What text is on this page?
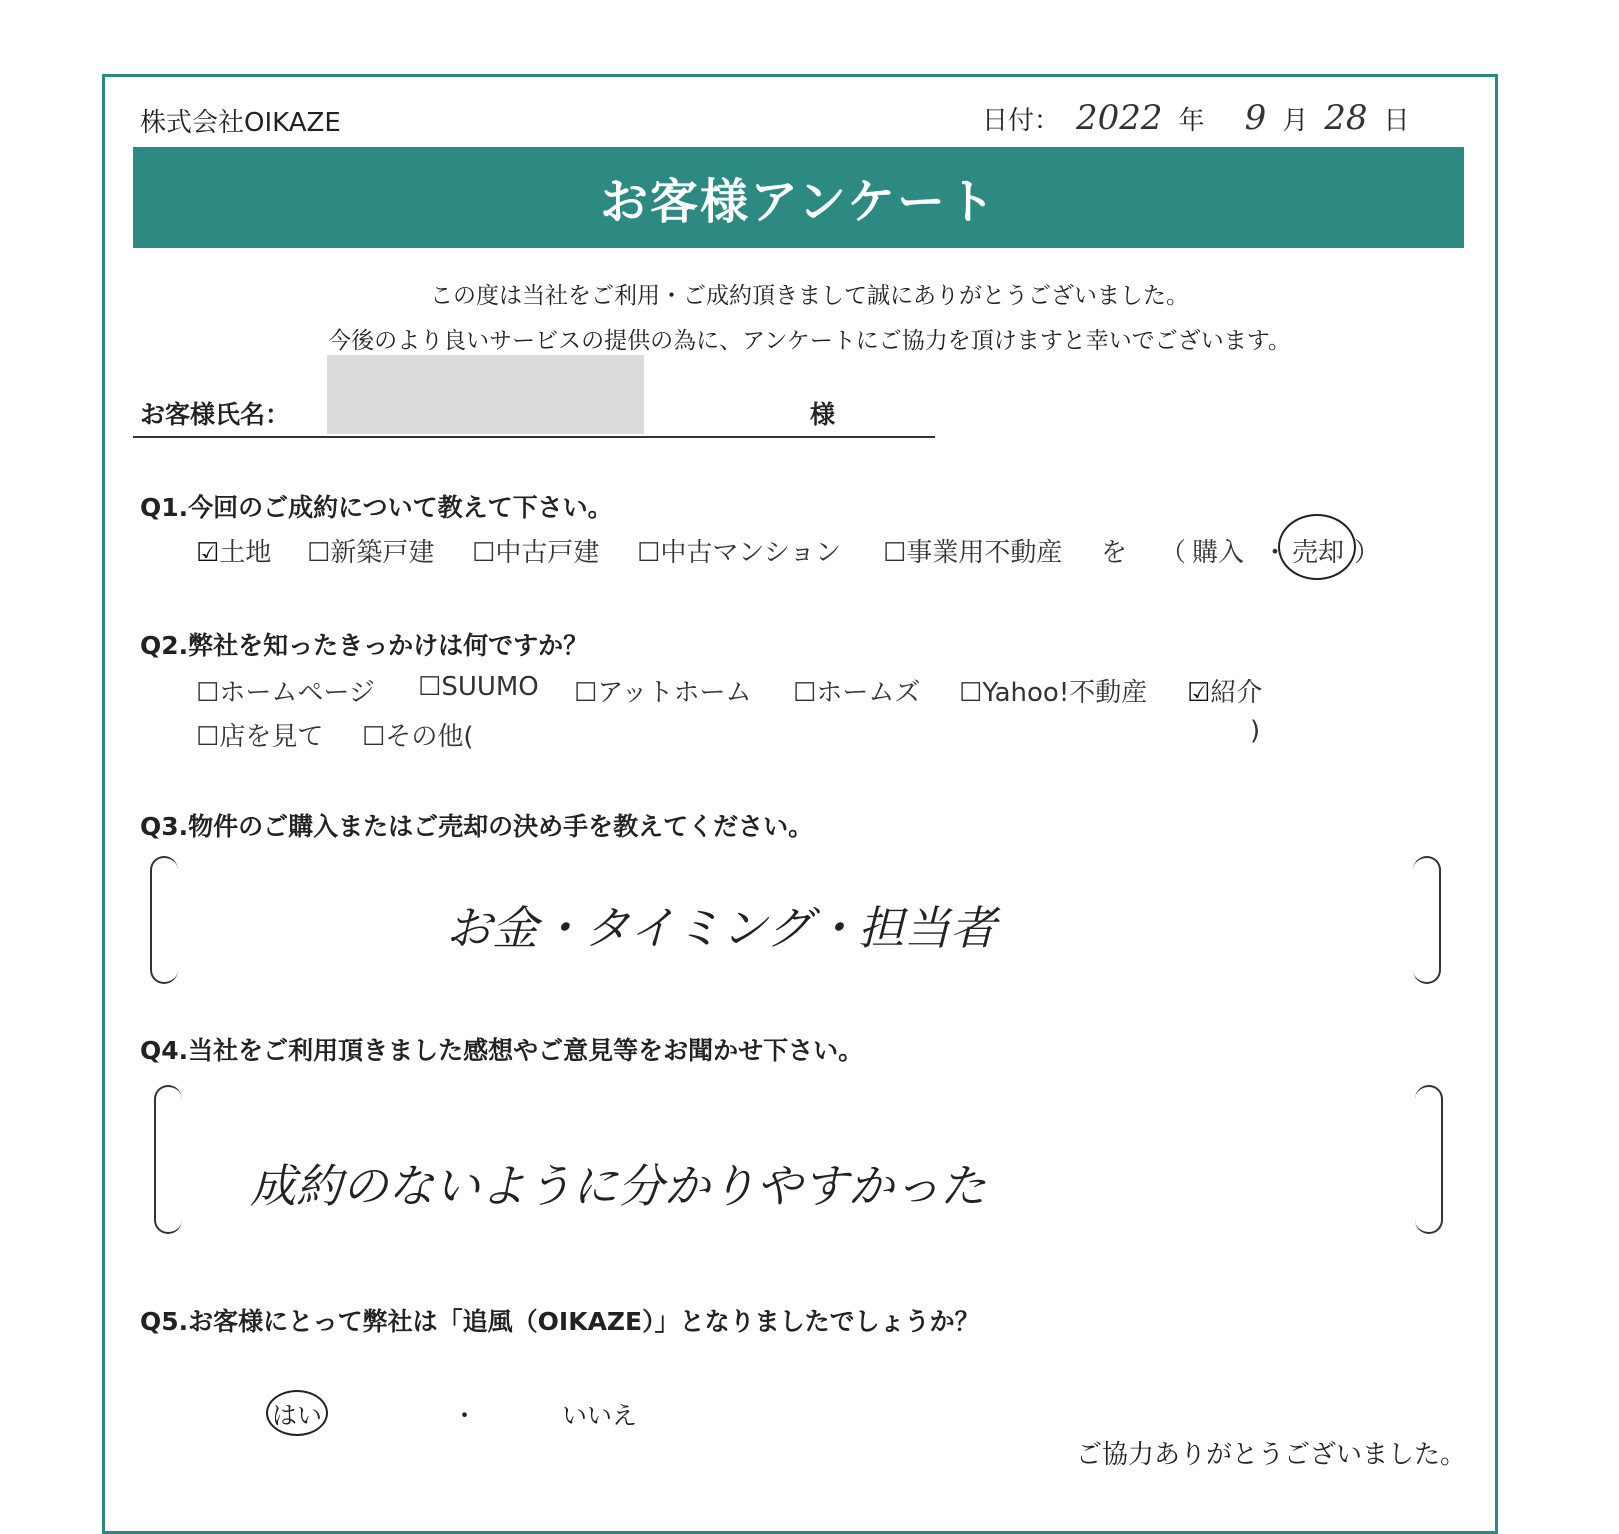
株式会社OIKAZE	日付： 2022 年 9 月 28 日
お客様アンケート
この度は当社をご利用・ご成約頂きまして誠にありがとうございました。
今後のより良いサービスの提供の為に、アンケートにご協力を頂けますと幸いでございます。
お客様氏名：	様
Q1.今回のご成約について教えて下さい。
☑土地 ☐新築戸建 ☐中古戸建 ☐中古マンション ☐事業用不動産 を （ 購入 ・ 売却 ）
Q2.弊社を知ったきっかけは何ですか？
☐ホームページ ☐SUUMO ☐アットホーム ☐ホームズ ☐Yahoo!不動産 ☑紹介
☐店を見て ☐その他(	)
Q3.物件のご購入またはご売却の決め手を教えてください。
お金・タイミング・担当者
Q4.当社をご利用頂きました感想やご意見等をお聞かせ下さい。
成約のないように分かりやすかった
Q5.お客様にとって弊社は「追風（OIKAZE）」となりましたでしょうか？
はい	・	いいえ
ご協力ありがとうございました。
